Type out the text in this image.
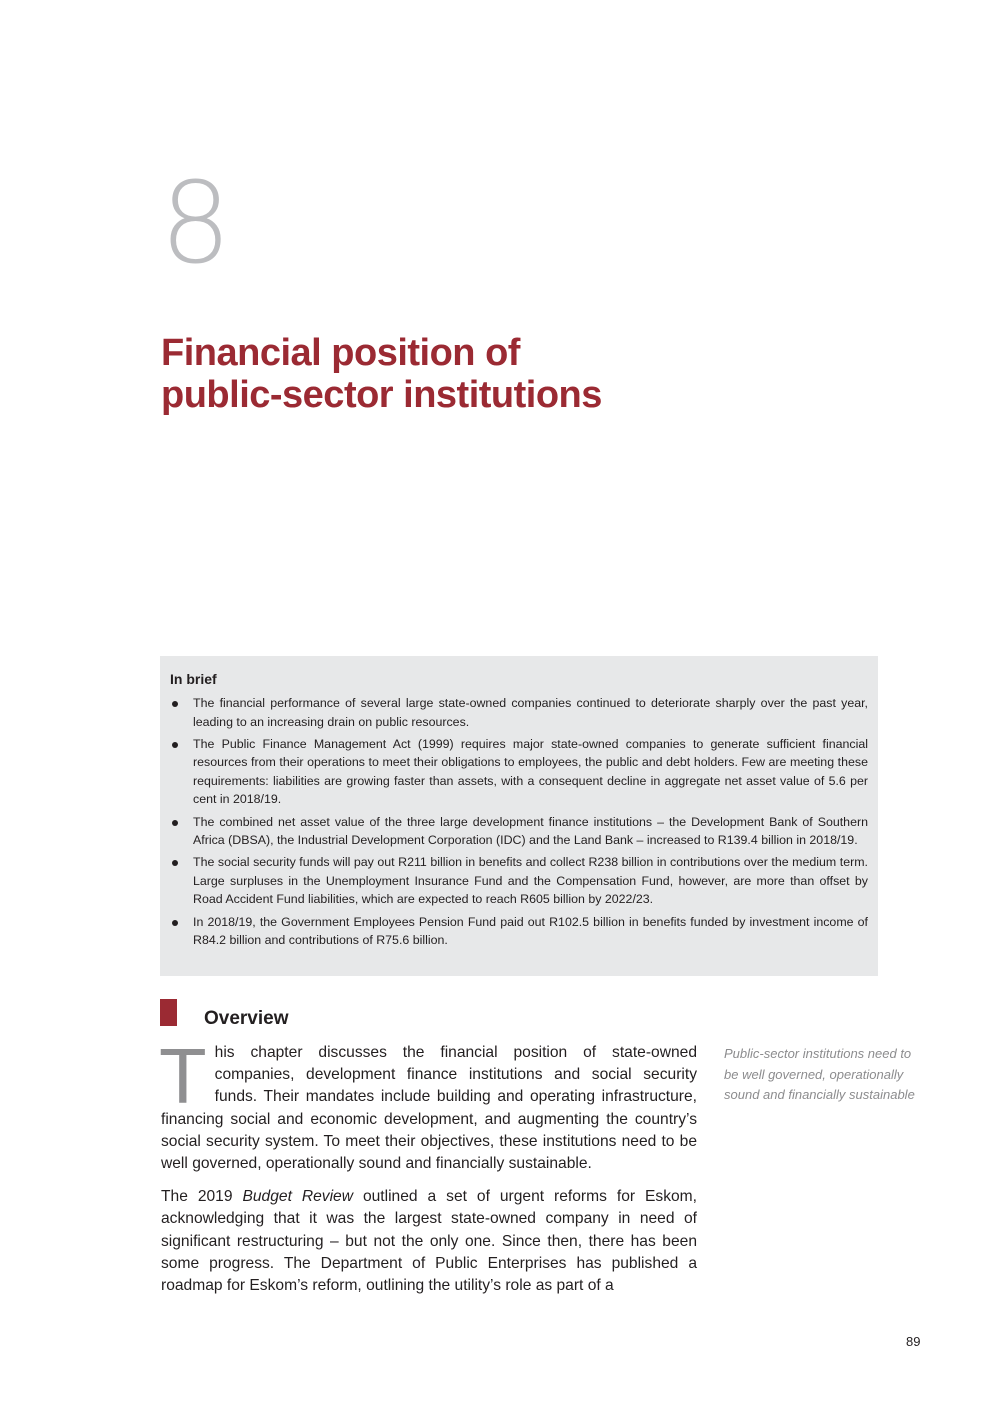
8
Financial position of
public-sector institutions
In brief
The financial performance of several large state-owned companies continued to deteriorate sharply over the past year, leading to an increasing drain on public resources.
The Public Finance Management Act (1999) requires major state-owned companies to generate sufficient financial resources from their operations to meet their obligations to employees, the public and debt holders. Few are meeting these requirements: liabilities are growing faster than assets, with a consequent decline in aggregate net asset value of 5.6 per cent in 2018/19.
The combined net asset value of the three large development finance institutions – the Development Bank of Southern Africa (DBSA), the Industrial Development Corporation (IDC) and the Land Bank – increased to R139.4 billion in 2018/19.
The social security funds will pay out R211 billion in benefits and collect R238 billion in contributions over the medium term. Large surpluses in the Unemployment Insurance Fund and the Compensation Fund, however, are more than offset by Road Accident Fund liabilities, which are expected to reach R605 billion by 2022/23.
In 2018/19, the Government Employees Pension Fund paid out R102.5 billion in benefits funded by investment income of R84.2 billion and contributions of R75.6 billion.
Overview

This chapter discusses the financial position of state-owned companies, development finance institutions and social security funds. Their mandates include building and operating infrastructure, financing social and economic development, and augmenting the country’s social security system. To meet their objectives, these institutions need to be well governed, operationally sound and financially sustainable.

The 2019 Budget Review outlined a set of urgent reforms for Eskom, acknowledging that it was the largest state-owned company in need of significant restructuring – but not the only one. Since then, there has been some progress. The Department of Public Enterprises has published a roadmap for Eskom’s reform, outlining the utility’s role as part of a

Public-sector institutions need to be well governed, operationally sound and financially sustainable
89
